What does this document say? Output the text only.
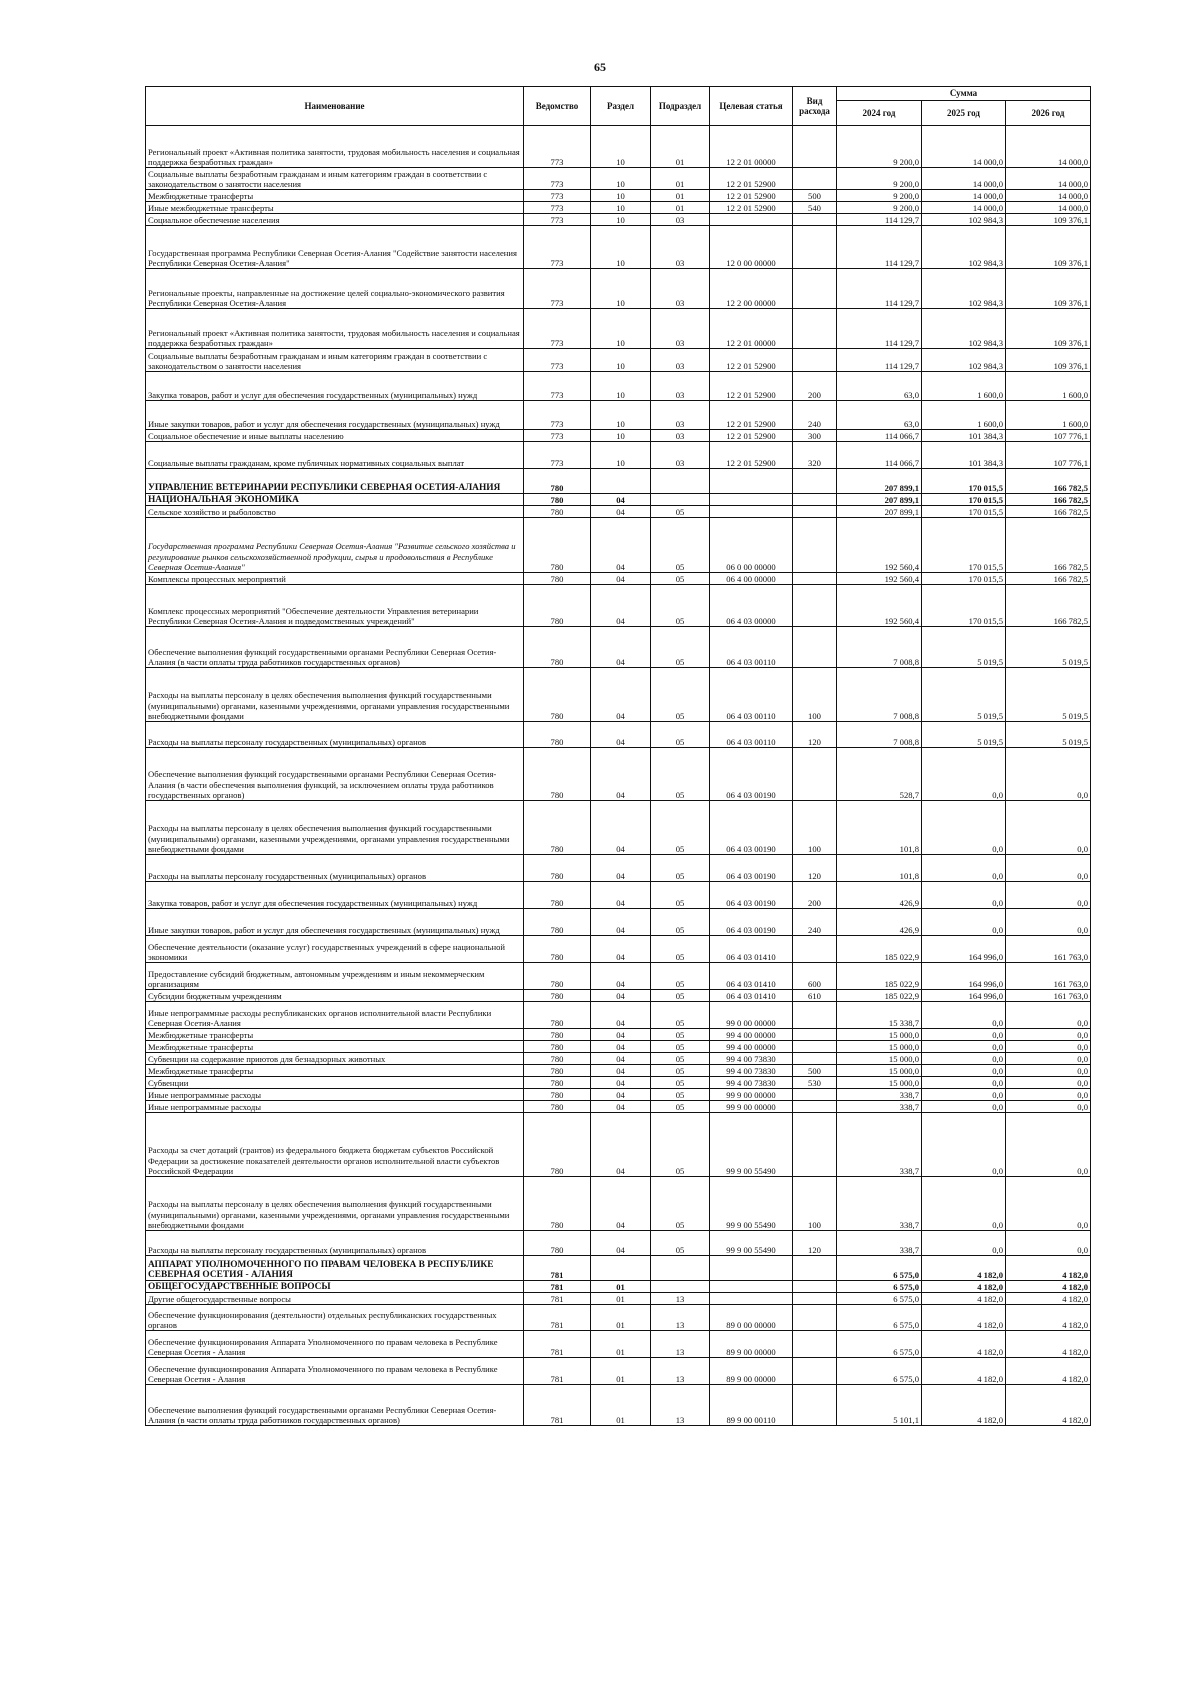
65
Наименование	Ведомство	Раздел	Подраздел	Целевая статья	Вид расхода	Сумма		
						2024 год	2025 год	2026 год
Региональный проект «Активная политика занятости, трудовая мобильность населения и социальная поддержка безработных граждан»	773	10	01	12 2 01 00000		9 200,0	14 000,0	14 000,0
Социальные выплаты безработным гражданам и иным категориям граждан в соответствии с законодательством о занятости населения	773	10	01	12 2 01 52900		9 200,0	14 000,0	14 000,0
Межбюджетные трансферты	773	10	01	12 2 01 52900	500	9 200,0	14 000,0	14 000,0
Иные межбюджетные трансферты	773	10	01	12 2 01 52900	540	9 200,0	14 000,0	14 000,0
Социальное обеспечение населения	773	10	03			114 129,7	102 984,3	109 376,1
Государственная программа Республики Северная Осетия-Алания "Содействие занятости населения Республики Северная Осетия-Алания"	773	10	03	12 0 00 00000		114 129,7	102 984,3	109 376,1
Региональные проекты, направленные на достижение целей социально-экономического развития Республики Северная Осетия-Алания	773	10	03	12 2 00 00000		114 129,7	102 984,3	109 376,1
Региональный проект «Активная политика занятости, трудовая мобильность населения и социальная поддержка безработных граждан»	773	10	03	12 2 01 00000		114 129,7	102 984,3	109 376,1
Социальные выплаты безработным гражданам и иным категориям граждан в соответствии с законодательством о занятости населения	773	10	03	12 2 01 52900		114 129,7	102 984,3	109 376,1
Закупка товаров, работ и услуг для обеспечения государственных (муниципальных) нужд	773	10	03	12 2 01 52900	200	63,0	1 600,0	1 600,0
Иные закупки товаров, работ и услуг для обеспечения государственных (муниципальных) нужд	773	10	03	12 2 01 52900	240	63,0	1 600,0	1 600,0
Социальное обеспечение и иные выплаты населению	773	10	03	12 2 01 52900	300	114 066,7	101 384,3	107 776,1
Социальные выплаты гражданам, кроме публичных нормативных социальных выплат	773	10	03	12 2 01 52900	320	114 066,7	101 384,3	107 776,1
УПРАВЛЕНИЕ ВЕТЕРИНАРИИ РЕСПУБЛИКИ СЕВЕРНАЯ ОСЕТИЯ-АЛАНИЯ	780					207 899,1	170 015,5	166 782,5
НАЦИОНАЛЬНАЯ ЭКОНОМИКА	780	04				207 899,1	170 015,5	166 782,5
Сельское хозяйство и рыболовство	780	04	05			207 899,1	170 015,5	166 782,5
Государственная программа Республики Северная Осетия-Алания "Развитие сельского хозяйства и регулирование рынков сельскохозяйственной продукции, сырья и продовольствия в Республике Северная Осетия-Алания"	780	04	05	06 0 00 00000		192 560,4	170 015,5	166 782,5
Комплексы процессных мероприятий	780	04	05	06 4 00 00000		192 560,4	170 015,5	166 782,5
Комплекс процессных мероприятий "Обеспечение деятельности Управления ветеринарии Республики Северная Осетия-Алания и подведомственных учреждений"	780	04	05	06 4 03 00000		192 560,4	170 015,5	166 782,5
Обеспечение выполнения функций государственными органами Республики Северная Осетия-Алания (в части оплаты труда работников государственных органов)	780	04	05	06 4 03 00110		7 008,8	5 019,5	5 019,5
Расходы на выплаты персоналу в целях обеспечения выполнения функций государственными (муниципальными) органами, казенными учреждениями, органами управления государственными внебюджетными фондами	780	04	05	06 4 03 00110	100	7 008,8	5 019,5	5 019,5
Расходы на выплаты персоналу государственных (муниципальных) органов	780	04	05	06 4 03 00110	120	7 008,8	5 019,5	5 019,5
Обеспечение выполнения функций государственными органами Республики Северная Осетия-Алания (в части обеспечения выполнения функций, за исключением оплаты труда работников государственных органов)	780	04	05	06 4 03 00190		528,7	0,0	0,0
Расходы на выплаты персоналу в целях обеспечения выполнения функций государственными (муниципальными) органами, казенными учреждениями, органами управления государственными внебюджетными фондами	780	04	05	06 4 03 00190	100	101,8	0,0	0,0
Расходы на выплаты персоналу государственных (муниципальных) органов	780	04	05	06 4 03 00190	120	101,8	0,0	0,0
Закупка товаров, работ и услуг для обеспечения государственных (муниципальных) нужд	780	04	05	06 4 03 00190	200	426,9	0,0	0,0
Иные закупки товаров, работ и услуг для обеспечения государственных (муниципальных) нужд	780	04	05	06 4 03 00190	240	426,9	0,0	0,0
Обеспечение деятельности (оказание услуг) государственных учреждений в сфере национальной экономики	780	04	05	06 4 03 01410		185 022,9	164 996,0	161 763,0
Предоставление субсидий бюджетным, автономным учреждениям и иным некоммерческим организациям	780	04	05	06 4 03 01410	600	185 022,9	164 996,0	161 763,0
Субсидии бюджетным учреждениям	780	04	05	06 4 03 01410	610	185 022,9	164 996,0	161 763,0
Иные непрограммные расходы республиканских органов исполнительной власти Республики Северная Осетия-Алания	780	04	05	99 0 00 00000		15 338,7	0,0	0,0
Межбюджетные трансферты	780	04	05	99 4 00 00000		15 000,0	0,0	0,0
Межбюджетные трансферты	780	04	05	99 4 00 00000		15 000,0	0,0	0,0
Субвенции на содержание приютов для безнадзорных животных	780	04	05	99 4 00 73830		15 000,0	0,0	0,0
Межбюджетные трансферты	780	04	05	99 4 00 73830	500	15 000,0	0,0	0,0
Субвенции	780	04	05	99 4 00 73830	530	15 000,0	0,0	0,0
Иные непрограммные расходы	780	04	05	99 9 00 00000		338,7	0,0	0,0
Иные непрограммные расходы	780	04	05	99 9 00 00000		338,7	0,0	0,0
Расходы за счет дотаций (грантов) из федерального бюджета бюджетам субъектов Российской Федерации за достижение показателей деятельности органов исполнительной власти субъектов Российской Федерации	780	04	05	99 9 00 55490		338,7	0,0	0,0
Расходы на выплаты персоналу в целях обеспечения выполнения функций государственными (муниципальными) органами, казенными учреждениями, органами управления государственными внебюджетными фондами	780	04	05	99 9 00 55490	100	338,7	0,0	0,0
Расходы на выплаты персоналу государственных (муниципальных) органов	780	04	05	99 9 00 55490	120	338,7	0,0	0,0
АППАРАТ УПОЛНОМОЧЕННОГО ПО ПРАВАМ ЧЕЛОВЕКА В РЕСПУБЛИКЕ СЕВЕРНАЯ ОСЕТИЯ - АЛАНИЯ	781					6 575,0	4 182,0	4 182,0
ОБЩЕГОСУДАРСТВЕННЫЕ ВОПРОСЫ	781	01				6 575,0	4 182,0	4 182,0
Другие общегосударственные вопросы	781	01	13			6 575,0	4 182,0	4 182,0
Обеспечение функционирования (деятельности) отдельных республиканских государственных органов	781	01	13	89 0 00 00000		6 575,0	4 182,0	4 182,0
Обеспечение функционирования Аппарата Уполномоченного по правам человека в Республике Северная Осетия - Алания	781	01	13	89 9 00 00000		6 575,0	4 182,0	4 182,0
Обеспечение функционирования Аппарата Уполномоченного по правам человека в Республике Северная Осетия - Алания	781	01	13	89 9 00 00000		6 575,0	4 182,0	4 182,0
Обеспечение выполнения функций государственными органами Республики Северная Осетия-Алания (в части оплаты труда работников государственных органов)	781	01	13	89 9 00 00110		5 101,1	4 182,0	4 182,0
